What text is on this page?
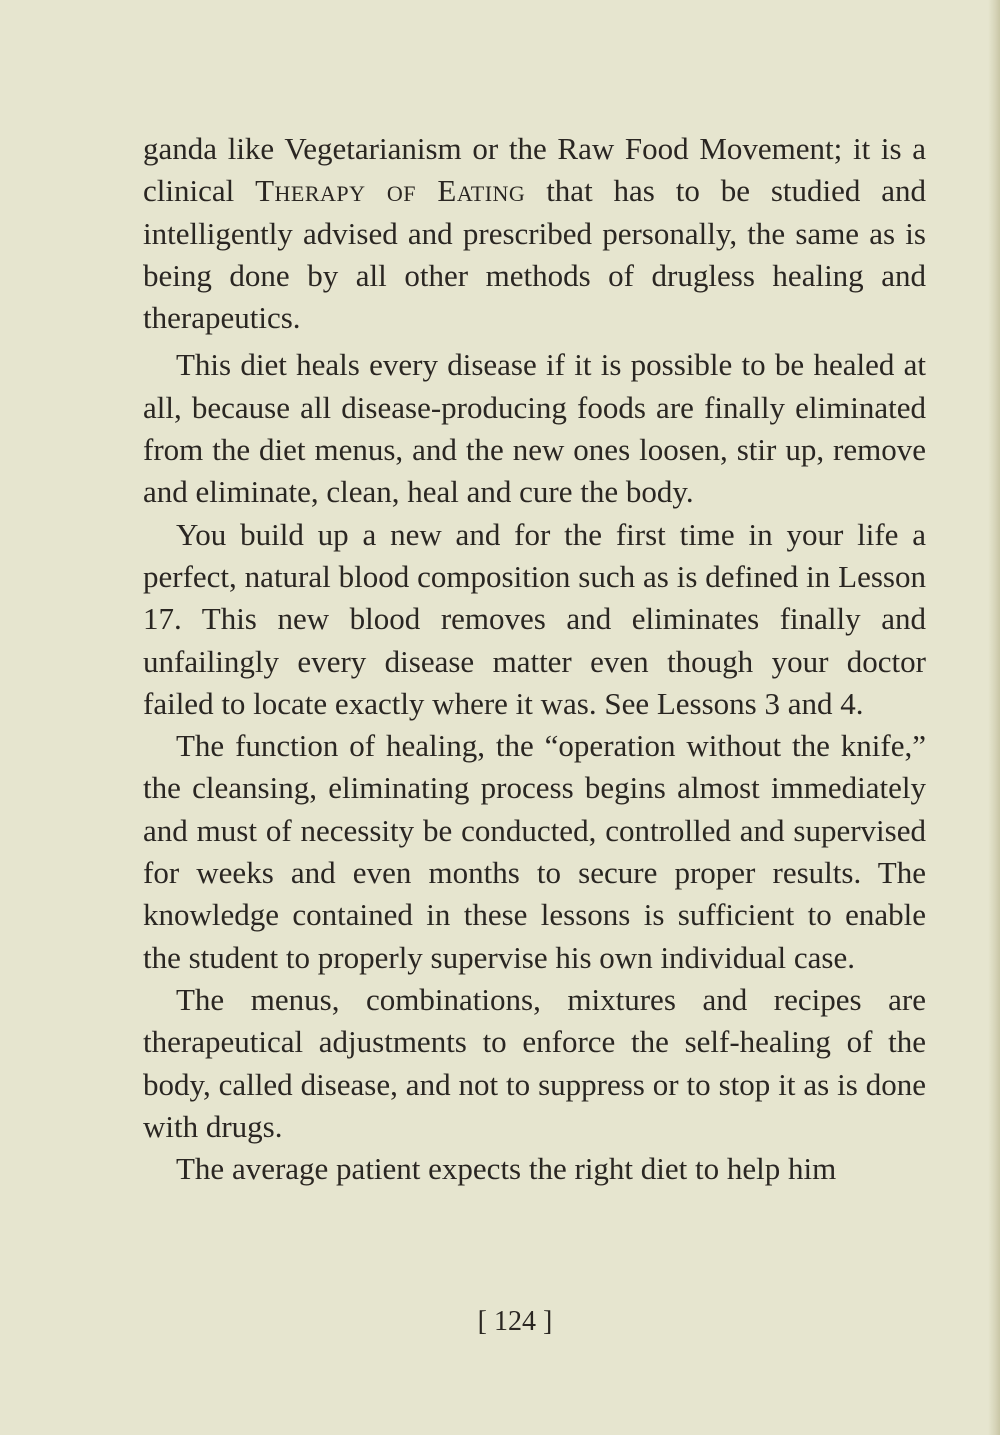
ganda like Vegetarianism or the Raw Food Movement; it is a clinical Therapy of Eating that has to be studied and intelligently advised and prescribed personally, the same as is being done by all other methods of drugless healing and therapeutics.

This diet heals every disease if it is possible to be healed at all, because all disease-producing foods are finally eliminated from the diet menus, and the new ones loosen, stir up, remove and eliminate, clean, heal and cure the body.

You build up a new and for the first time in your life a perfect, natural blood composition such as is defined in Lesson 17. This new blood removes and eliminates finally and unfailingly every disease matter even though your doctor failed to locate exactly where it was. See Lessons 3 and 4.

The function of healing, the “operation without the knife,” the cleansing, eliminating process begins almost immediately and must of necessity be conducted, controlled and supervised for weeks and even months to secure proper results. The knowledge contained in these lessons is sufficient to enable the student to properly supervise his own individual case.

The menus, combinations, mixtures and recipes are therapeutical adjustments to enforce the self-healing of the body, called disease, and not to suppress or to stop it as is done with drugs.

The average patient expects the right diet to help him

[ 124 ]
